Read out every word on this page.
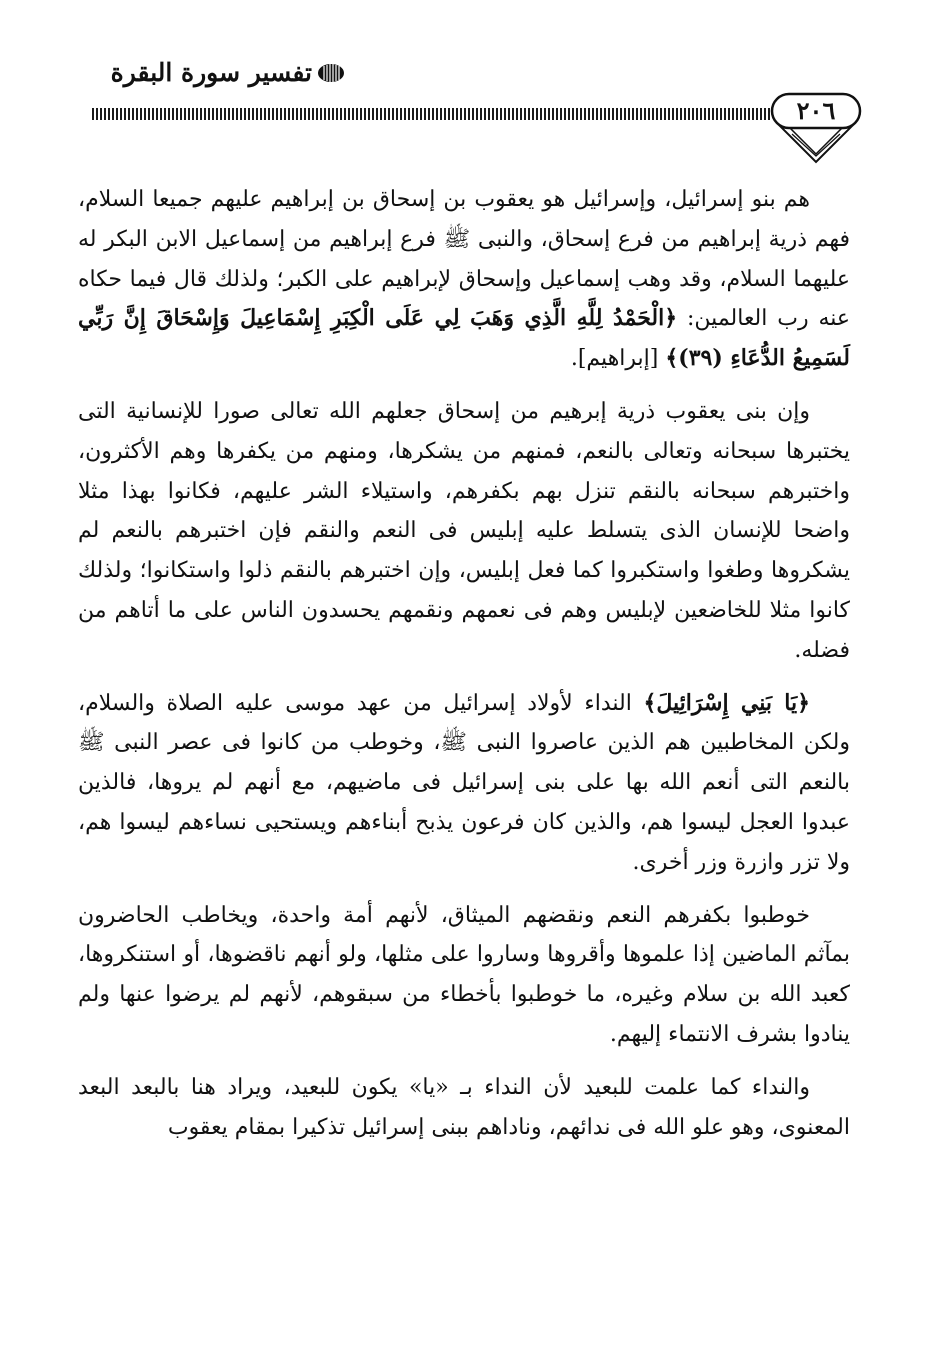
تفسير سورة البقرة
٢٠٦

هم بنو إسرائيل، وإسرائيل هو يعقوب بن إسحاق بن إبراهيم عليهم جميعا السلام، فهم ذرية إبراهيم من فرع إسحاق، والنبى ﷺ فرع إبراهيم من إسماعيل الابن البكر له عليهما السلام، وقد وهب إسماعيل وإسحاق لإبراهيم على الكبر؛ ولذلك قال فيما حكاه عنه رب العالمين: ﴿الْحَمْدُ لِلَّهِ الَّذِي وَهَبَ لِي عَلَى الْكِبَرِ إِسْمَاعِيلَ وَإِسْحَاقَ إِنَّ رَبِّي لَسَمِيعُ الدُّعَاءِ (٣٩)﴾ [إبراهيم].

وإن بنى يعقوب ذرية إبرهيم من إسحاق جعلهم الله تعالى صورا للإنسانية التى يختبرها سبحانه وتعالى بالنعم، فمنهم من يشكرها، ومنهم من يكفرها وهم الأكثرون، واختبرهم سبحانه بالنقم تنزل بهم بكفرهم، واستيلاء الشر عليهم، فكانوا بهذا مثلا واضحا للإنسان الذى يتسلط عليه إبليس فى النعم والنقم فإن اختبرهم بالنعم لم يشكروها وطغوا واستكبروا كما فعل إبليس، وإن اختبرهم بالنقم ذلوا واستكانوا؛ ولذلك كانوا مثلا للخاضعين لإبليس وهم فى نعمهم ونقمهم يحسدون الناس على ما أتاهم من فضله.

﴿يَا بَنِي إِسْرَائِيلَ﴾ النداء لأولاد إسرائيل من عهد موسى عليه الصلاة والسلام، ولكن المخاطبين هم الذين عاصروا النبى ﷺ، وخوطب من كانوا فى عصر النبى ﷺ بالنعم التى أنعم الله بها على بنى إسرائيل فى ماضيهم، مع أنهم لم يروها، فالذين عبدوا العجل ليسوا هم، والذين كان فرعون يذبح أبناءهم ويستحيى نساءهم ليسوا هم، ولا تزر وازرة وزر أخرى.

خوطبوا بكفرهم النعم ونقضهم الميثاق، لأنهم أمة واحدة، ويخاطب الحاضرون بمآثم الماضين إذا علموها وأقروها وساروا على مثلها، ولو أنهم ناقضوها، أو استنكروها، كعبد الله بن سلام وغيره، ما خوطبوا بأخطاء من سبقوهم، لأنهم لم يرضوا عنها ولم ينادوا بشرف الانتماء إليهم.

والنداء كما علمت للبعيد لأن النداء بـ «يا» يكون للبعيد، ويراد هنا بالبعد البعد المعنوى، وهو علو الله فى ندائهم، وناداهم ببنى إسرائيل تذكيرا بمقام يعقوب
